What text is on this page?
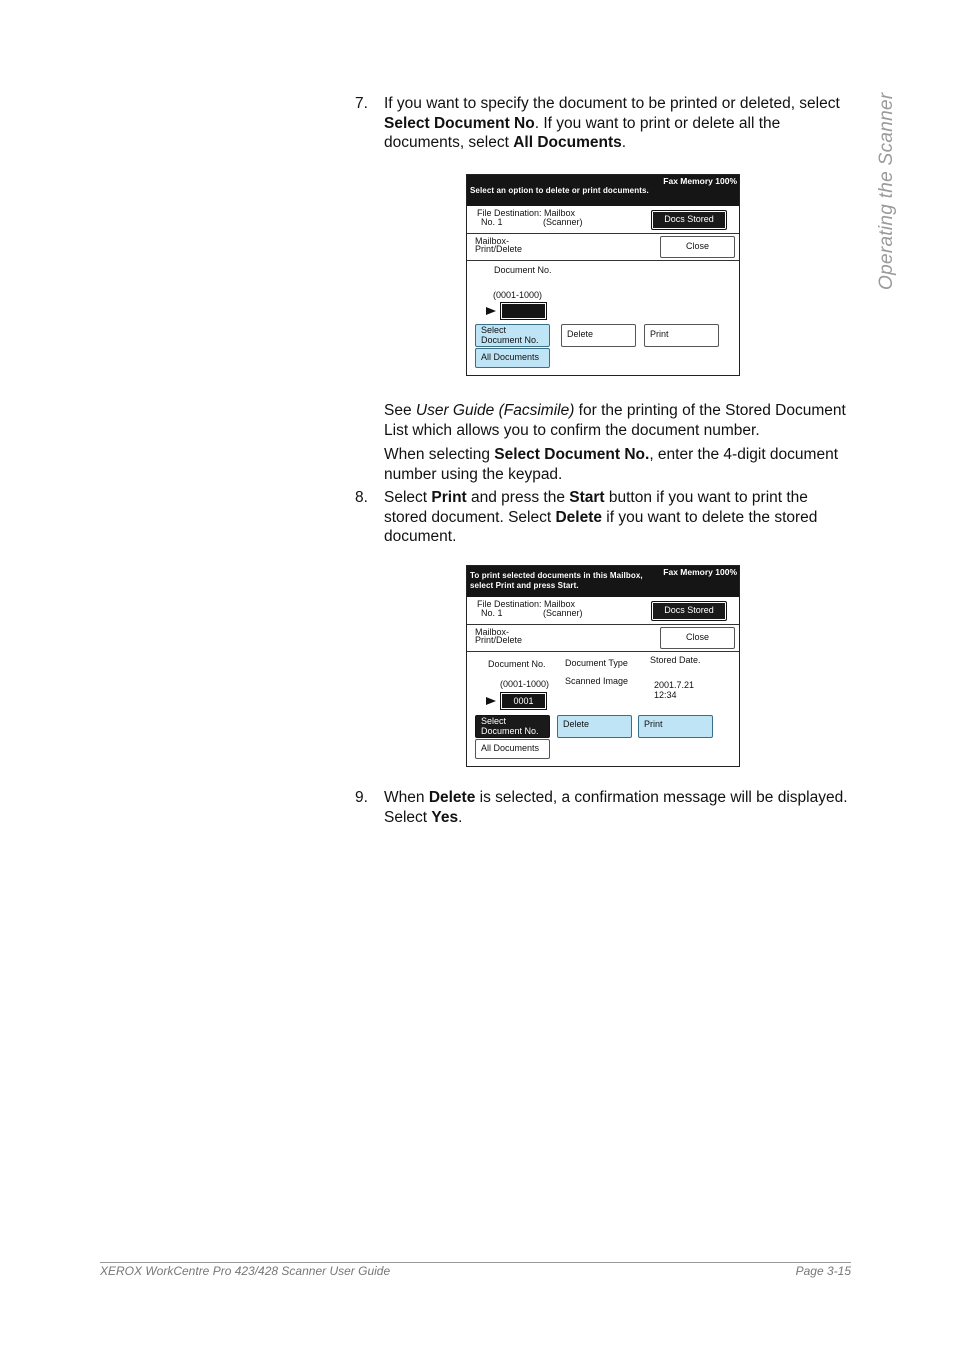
Operating the Scanner
7. If you want to specify the document to be printed or deleted, select
Select Document No. If you want to print or delete all the documents, select All Documents.
Select an option to delete or print documents.
Fax Memory 100%
File Destination: Mailbox
No. 1	(Scanner)	Docs Stored
Mailbox-
Print/Delete	Close
Document No.
(0001-1000)
Select
Document No.
Delete	Print
All Documents
See User Guide (Facsimile) for the printing of the Stored Document List which allows you to confirm the document number.
When selecting Select Document No., enter the 4-digit document number using the keypad.
8. Select Print and press the Start button if you want to print the stored document. Select Delete if you want to delete the stored document.
To print selected documents in this Mailbox,
select Print and press Start.
Fax Memory 100%
File Destination: Mailbox
No. 1	(Scanner)	Docs Stored
Mailbox-
Print/Delete	Close
Document No. Document Type Stored Date.
(0001-1000) Scanned Image	2001.7.21
12:34
0001
Select
Document No.
Delete	Print
All Documents
9. When Delete is selected, a confirmation message will be displayed. Select Yes.
XEROX WorkCentre Pro 423/428 Scanner User Guide	Page 3-15
